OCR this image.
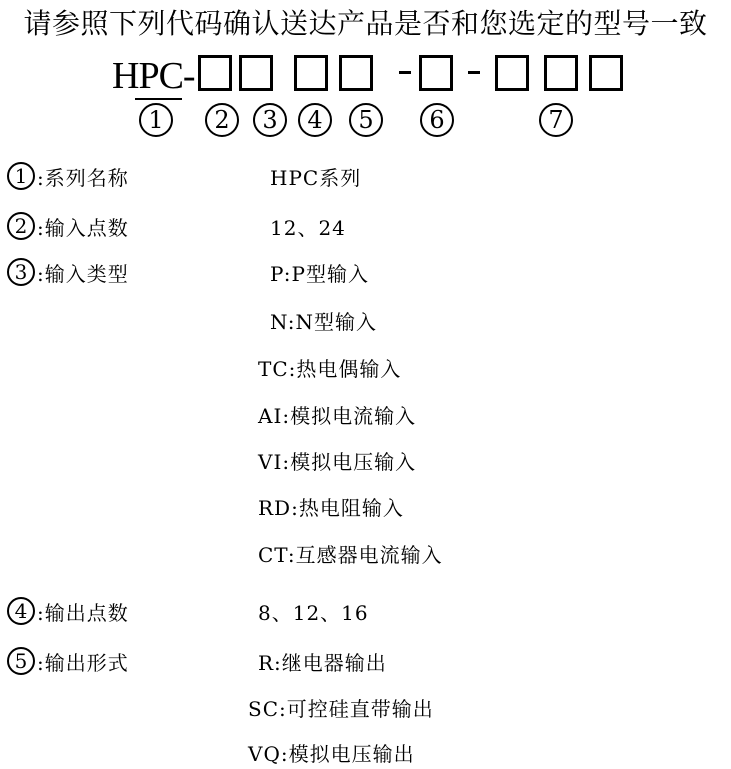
请参照下列代码确认送达产品是否和您选定的型号一致
HPC-
1	2	3	4	5	6	7
1 :系列名称	HPC系列
2 :输入点数	12、24
3 :输入类型	P:P型输入
N:N型输入
TC:热电偶输入
AI:模拟电流输入
VI:模拟电压输入
RD:热电阻输入
CT:互感器电流输入
4 :输出点数	8、12、16
5 :输出形式	R:继电器输出
SC:可控硅直带输出
VQ:模拟电压输出
